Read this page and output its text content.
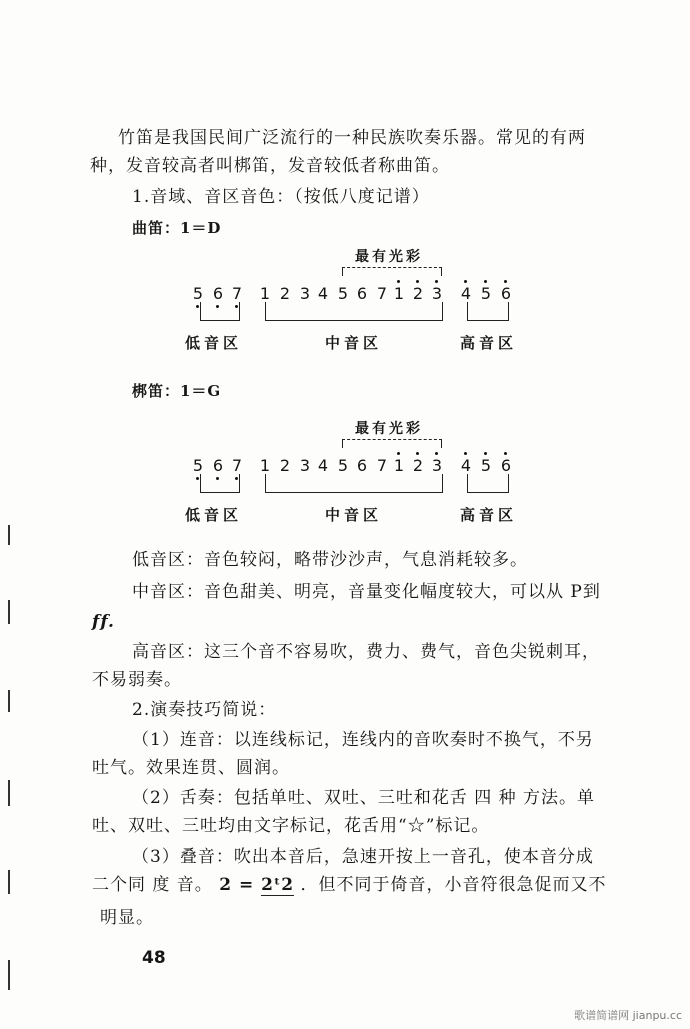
竹笛是我国民间广泛流行的一种民族吹奏乐器。常见的有两
种，发音较高者叫梆笛，发音较低者称曲笛。
1.音域、音区音色：（按低八度记谱）
曲笛：1＝D
最有光彩
5 6 7 1 2 3 4 5 6 7 1 2 3 4 5 6
低音区	中音区	高音区
梆笛：1＝G
最有光彩
5 6 7 1 2 3 4 5 6 7 1 2 3 4 5 6
低音区	中音区	高音区
低音区：音色较闷，略带沙沙声，气息消耗较多。
中音区：音色甜美、明亮，音量变化幅度较大，可以从 P到
ff.
高音区：这三个音不容易吹，费力、费气，音色尖锐刺耳，
不易弱奏。
2.演奏技巧简说：
（1）连音：以连线标记，连线内的音吹奏时不换气，不另
吐气。效果连贯、圆润。
（2）舌奏：包括单吐、双吐、三吐和花舌 四 种 方法。单
吐、双吐、三吐均由文字标记，花舌用“☆”标记。
（3）叠音：吹出本音后，急速开按上一音孔，使本音分成
二个同 度 音。 2 = 2ᵗ2 ．但不同于倚音，小音符很急促而又不
明显。
48
歌谱简谱网 jianpu.cc
